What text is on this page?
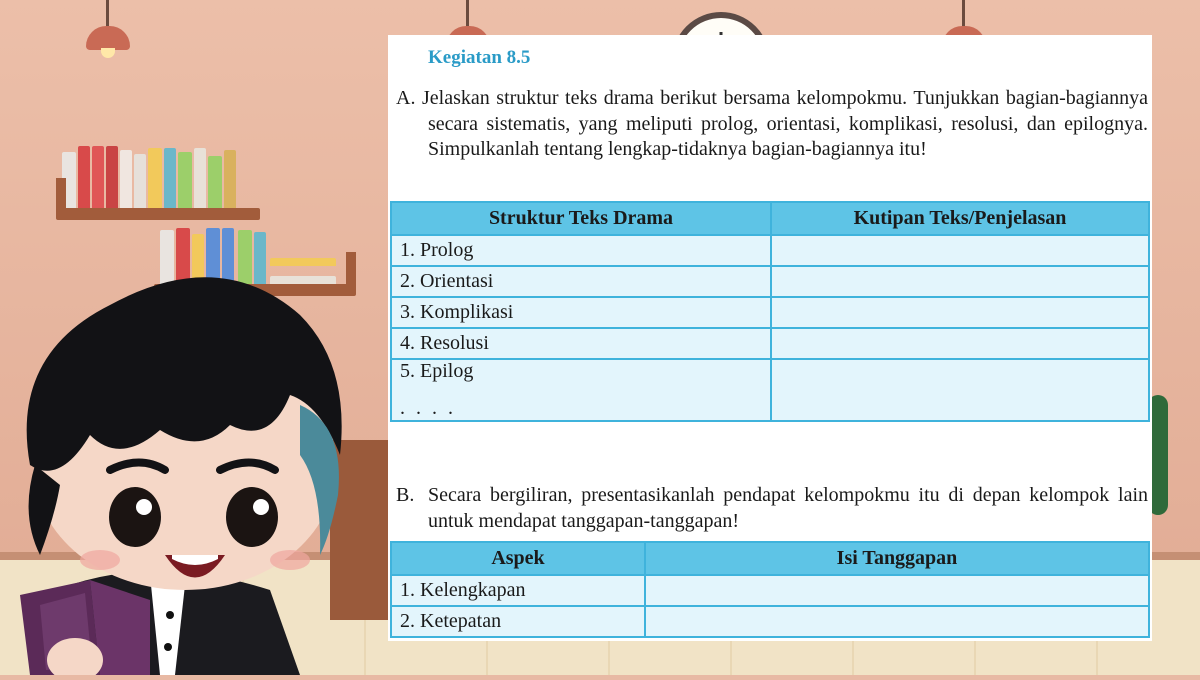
Kegiatan 8.5
A. Jelaskan struktur teks drama berikut bersama kelompokmu. Tunjukkan bagian-bagiannya secara sistematis, yang meliputi prolog, orientasi, komplikasi, resolusi, dan epilognya. Simpulkanlah tentang lengkap-tidaknya bagian-bagiannya itu!
Struktur Teks Drama	Kutipan Teks/Penjelasan
1. Prolog	
2. Orientasi	
3. Komplikasi	
4. Resolusi	
5. Epilog
. . . .	

B. Secara bergiliran, presentasikanlah pendapat kelompokmu itu di depan kelompok lain untuk mendapat tanggapan-tanggapan!
Aspek	Isi Tanggapan
1. Kelengkapan	
2. Ketepatan	
